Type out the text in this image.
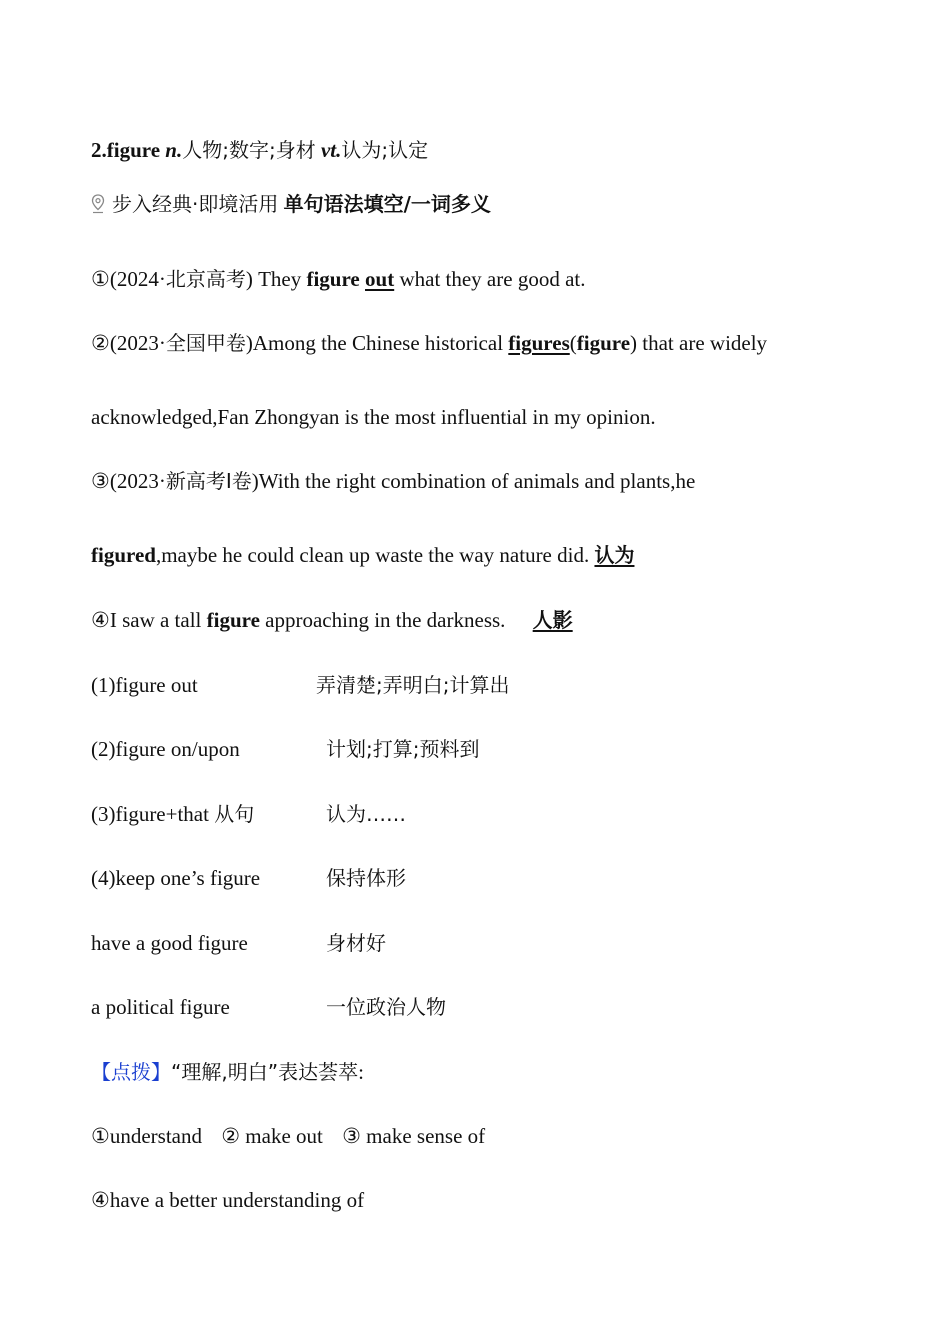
2.figure n.人物;数字;身材 vt.认为;认定
步入经典·即境活用 单句语法填空/一词多义
①(2024·北京高考) They figure out what they are good at.
②(2023·全国甲卷)Among the Chinese historical figures(figure) that are widely
acknowledged,Fan Zhongyan is the most influential in my opinion.
③(2023·新高考Ⅰ卷)With the right combination of animals and plants,he
figured,maybe he could clean up waste the way nature did. 认为
④I saw a tall figure approaching in the darkness. 人影
(1)figure out	弄清楚;弄明白;计算出
(2)figure on/upon	计划;打算;预料到
(3)figure+that 从句	认为……
(4)keep one’s figure	保持体形
have a good figure	身材好
a political figure	一位政治人物
【点拨】“理解,明白”表达荟萃:
①understand ② make out ③ make sense of
④have a better understanding of
